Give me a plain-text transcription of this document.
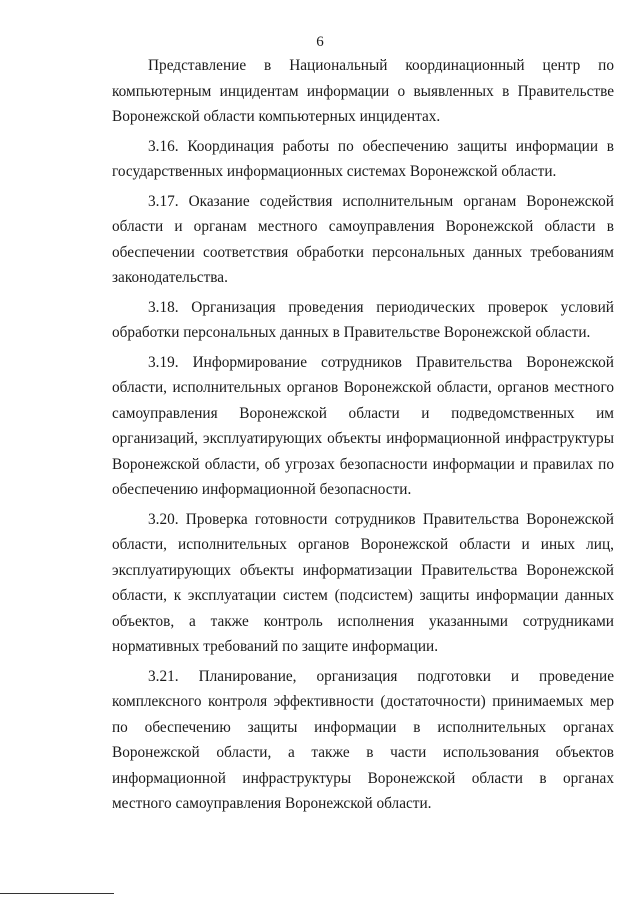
6

Представление в Национальный координационный центр по компьютерным инцидентам информации о выявленных в Правительстве Воронежской области компьютерных инцидентах.

3.16. Координация работы по обеспечению защиты информации в государственных информационных системах Воронежской области.

3.17. Оказание содействия исполнительным органам Воронежской области и органам местного самоуправления Воронежской области в обеспечении соответствия обработки персональных данных требованиям законодательства.

3.18. Организация проведения периодических проверок условий обработки персональных данных в Правительстве Воронежской области.

3.19. Информирование сотрудников Правительства Воронежской области, исполнительных органов Воронежской области, органов местного самоуправления Воронежской области и подведомственных им организаций, эксплуатирующих объекты информационной инфраструктуры Воронежской области, об угрозах безопасности информации и правилах по обеспечению информационной безопасности.

3.20. Проверка готовности сотрудников Правительства Воронежской области, исполнительных органов Воронежской области и иных лиц, эксплуатирующих объекты информатизации Правительства Воронежской области, к эксплуатации систем (подсистем) защиты информации данных объектов, а также контроль исполнения указанными сотрудниками нормативных требований по защите информации.

3.21. Планирование, организация подготовки и проведение комплексного контроля эффективности (достаточности) принимаемых мер по обеспечению защиты информации в исполнительных органах Воронежской области, а также в части использования объектов информационной инфраструктуры Воронежской области в органах местного самоуправления Воронежской области.
